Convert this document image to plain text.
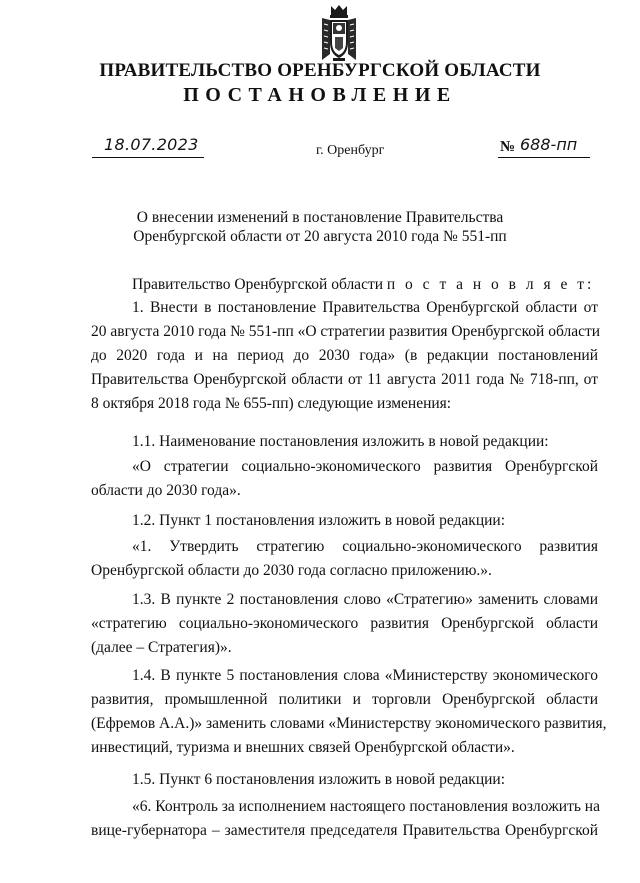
ПРАВИТЕЛЬСТВО ОРЕНБУРГСКОЙ ОБЛАСТИ
ПОСТАНОВЛЕНИЕ
18.07.2023	г. Оренбург	№ 688-пп
О внесении изменений в постановление Правительства
Оренбургской области от 20 августа 2010 года № 551-пп
Правительство Оренбургской области п о с т а н о в л я е т:
1. Внести в постановление Правительства Оренбургской области от
20 августа 2010 года № 551-пп «О стратегии развития Оренбургской области
до 2020 года и на период до 2030 года» (в редакции постановлений
Правительства Оренбургской области от 11 августа 2011 года № 718-пп, от
8 октября 2018 года № 655-пп) следующие изменения:
1.1. Наименование постановления изложить в новой редакции:
«О стратегии социально-экономического развития Оренбургской
области до 2030 года».
1.2. Пункт 1 постановления изложить в новой редакции:
«1. Утвердить стратегию социально-экономического развития
Оренбургской области до 2030 года согласно приложению.».
1.3. В пункте 2 постановления слово «Стратегию» заменить словами
«стратегию социально-экономического развития Оренбургской области
(далее – Стратегия)».
1.4. В пункте 5 постановления слова «Министерству экономического
развития, промышленной политики и торговли Оренбургской области
(Ефремов А.А.)» заменить словами «Министерству экономического развития,
инвестиций, туризма и внешних связей Оренбургской области».
1.5. Пункт 6 постановления изложить в новой редакции:
«6. Контроль за исполнением настоящего постановления возложить на
вице-губернатора – заместителя председателя Правительства Оренбургской
